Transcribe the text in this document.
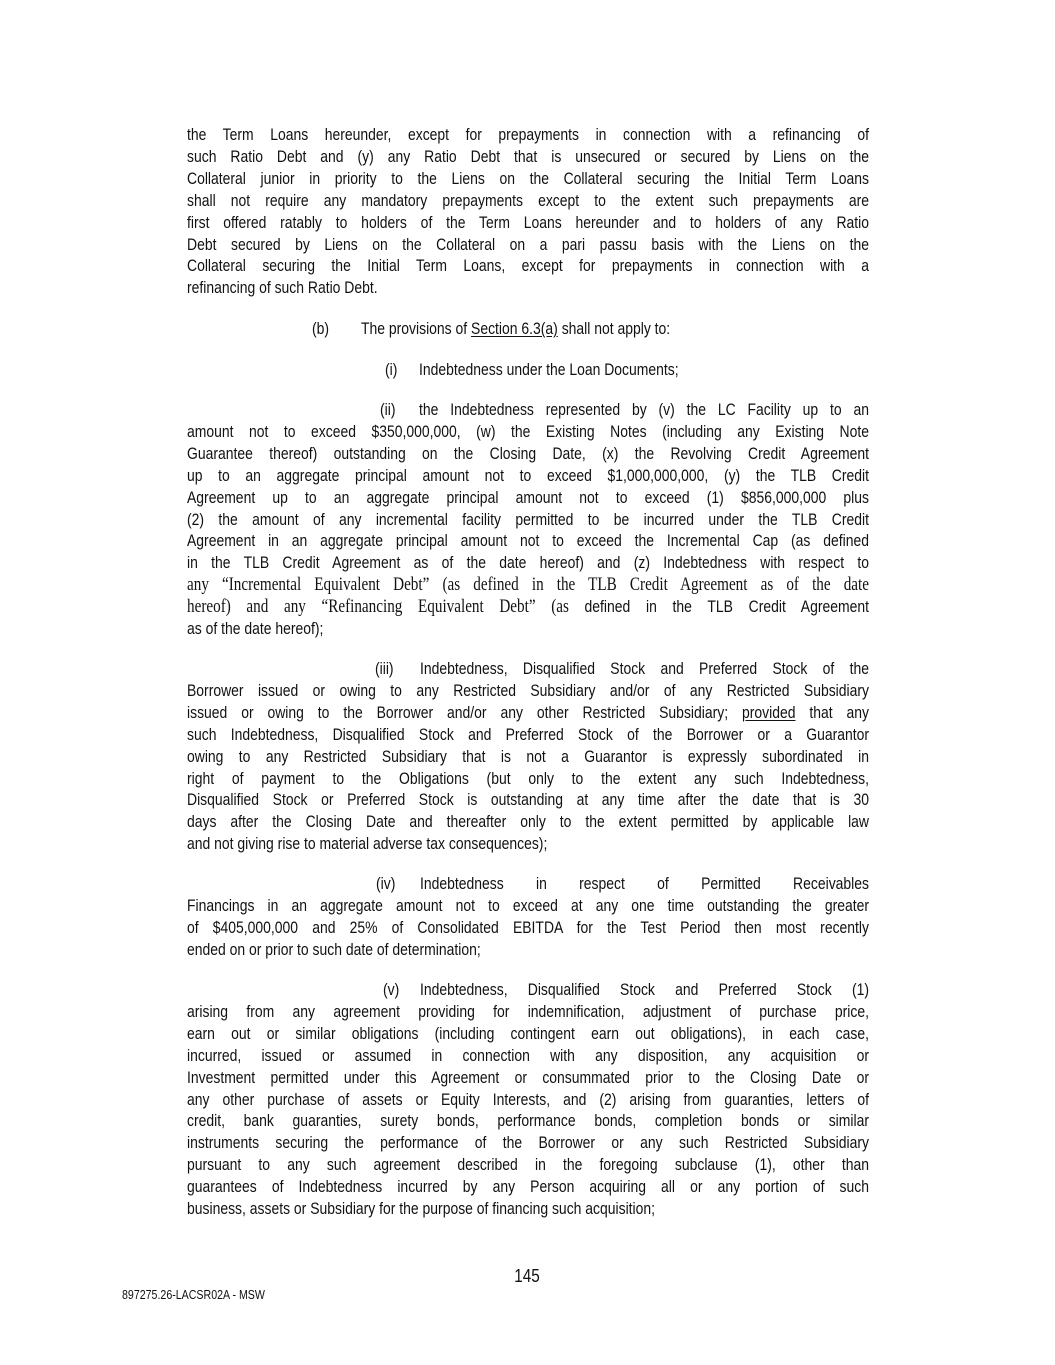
the Term Loans hereunder, except for prepayments in connection with a refinancing of
such Ratio Debt and (y) any Ratio Debt that is unsecured or secured by Liens on the
Collateral junior in priority to the Liens on the Collateral securing the Initial Term Loans
shall not require any mandatory prepayments except to the extent such prepayments are
first offered ratably to holders of the Term Loans hereunder and to holders of any Ratio
Debt secured by Liens on the Collateral on a pari passu basis with the Liens on the
Collateral securing the Initial Term Loans, except for prepayments in connection with a
refinancing of such Ratio Debt.
(b) The provisions of Section 6.3(a) shall not apply to:
(i) Indebtedness under the Loan Documents;
(ii) the Indebtedness represented by (v) the LC Facility up to an
amount not to exceed $350,000,000, (w) the Existing Notes (including any Existing Note
Guarantee thereof) outstanding on the Closing Date, (x) the Revolving Credit Agreement
up to an aggregate principal amount not to exceed $1,000,000,000, (y) the TLB Credit
Agreement up to an aggregate principal amount not to exceed (1) $856,000,000 plus
(2) the amount of any incremental facility permitted to be incurred under the TLB Credit
Agreement in an aggregate principal amount not to exceed the Incremental Cap (as defined
in the TLB Credit Agreement as of the date hereof) and (z) Indebtedness with respect to
any “Incremental Equivalent Debt” (as defined in the TLB Credit Agreement as of the date
hereof) and any “Refinancing Equivalent Debt” (as defined in the TLB Credit Agreement
as of the date hereof);
(iii) Indebtedness, Disqualified Stock and Preferred Stock of the
Borrower issued or owing to any Restricted Subsidiary and/or of any Restricted Subsidiary
issued or owing to the Borrower and/or any other Restricted Subsidiary; provided that any
such Indebtedness, Disqualified Stock and Preferred Stock of the Borrower or a Guarantor
owing to any Restricted Subsidiary that is not a Guarantor is expressly subordinated in
right of payment to the Obligations (but only to the extent any such Indebtedness,
Disqualified Stock or Preferred Stock is outstanding at any time after the date that is 30
days after the Closing Date and thereafter only to the extent permitted by applicable law
and not giving rise to material adverse tax consequences);
(iv) Indebtedness in respect of Permitted Receivables
Financings in an aggregate amount not to exceed at any one time outstanding the greater
of $405,000,000 and 25% of Consolidated EBITDA for the Test Period then most recently
ended on or prior to such date of determination;
(v) Indebtedness, Disqualified Stock and Preferred Stock (1)
arising from any agreement providing for indemnification, adjustment of purchase price,
earn out or similar obligations (including contingent earn out obligations), in each case,
incurred, issued or assumed in connection with any disposition, any acquisition or
Investment permitted under this Agreement or consummated prior to the Closing Date or
any other purchase of assets or Equity Interests, and (2) arising from guaranties, letters of
credit, bank guaranties, surety bonds, performance bonds, completion bonds or similar
instruments securing the performance of the Borrower or any such Restricted Subsidiary
pursuant to any such agreement described in the foregoing subclause (1), other than
guarantees of Indebtedness incurred by any Person acquiring all or any portion of such
business, assets or Subsidiary for the purpose of financing such acquisition;
145
897275.26-LACSR02A - MSW
